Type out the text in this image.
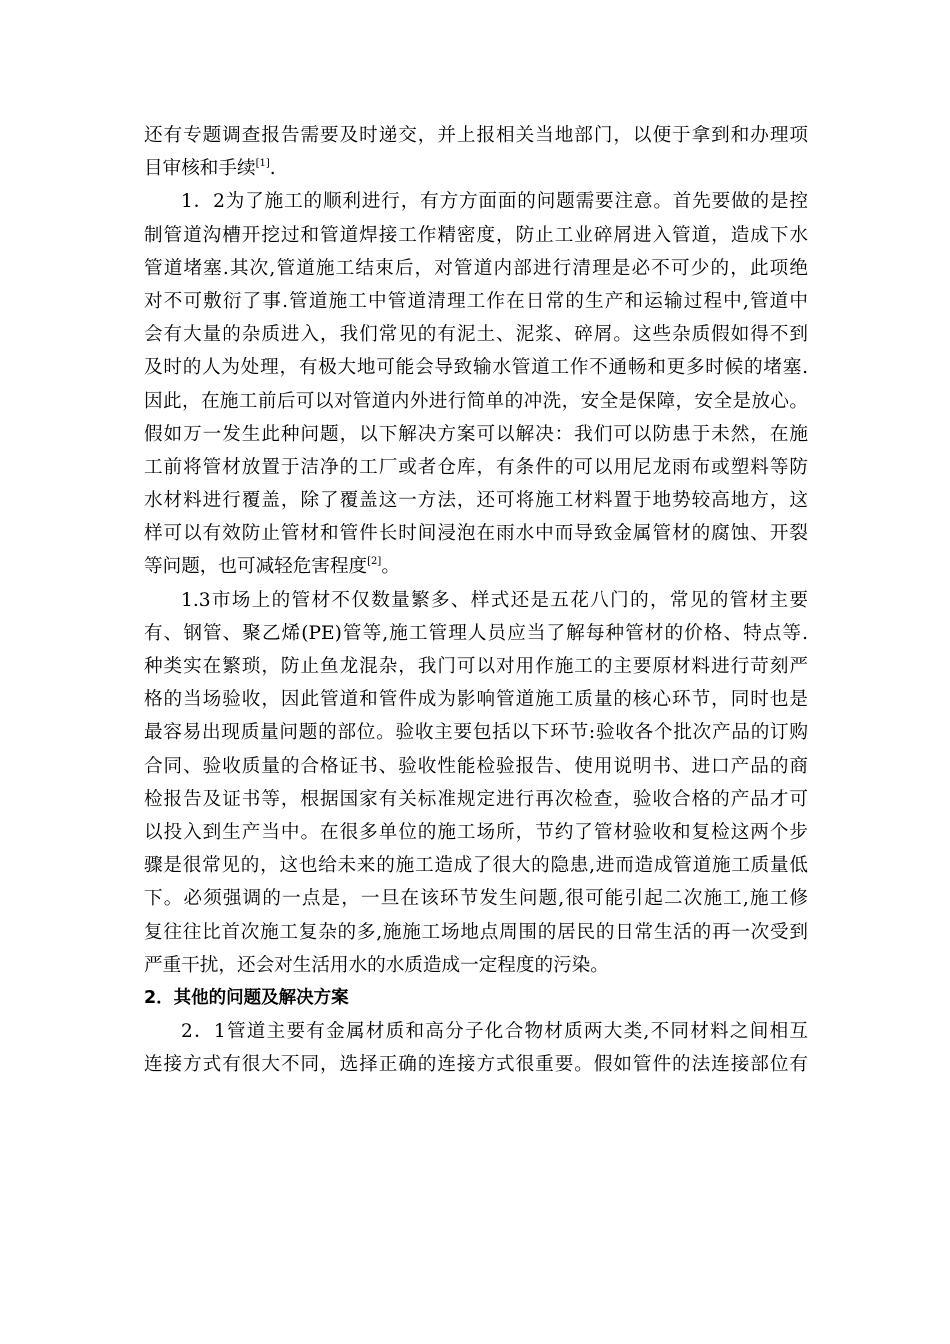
还有专题调查报告需要及时递交，并上报相关当地部门，以便于拿到和办理项
目审核和手续[1].
1．2为了施工的顺利进行，有方方面面的问题需要注意。首先要做的是控
制管道沟槽开挖过和管道焊接工作精密度，防止工业碎屑进入管道，造成下水
管道堵塞.其次,管道施工结束后，对管道内部进行清理是必不可少的，此项绝
对不可敷衍了事.管道施工中管道清理工作在日常的生产和运输过程中,管道中
会有大量的杂质进入，我们常见的有泥土、泥浆、碎屑。这些杂质假如得不到
及时的人为处理，有极大地可能会导致输水管道工作不通畅和更多时候的堵塞.
因此，在施工前后可以对管道内外进行简单的冲洗，安全是保障，安全是放心。
假如万一发生此种问题，以下解决方案可以解决：我们可以防患于未然，在施
工前将管材放置于洁净的工厂或者仓库，有条件的可以用尼龙雨布或塑料等防
水材料进行覆盖，除了覆盖这一方法，还可将施工材料置于地势较高地方，这
样可以有效防止管材和管件长时间浸泡在雨水中而导致金属管材的腐蚀、开裂
等问题，也可减轻危害程度[2]。
1.3市场上的管材不仅数量繁多、样式还是五花八门的，常见的管材主要
有、钢管、聚乙烯(PE)管等,施工管理人员应当了解每种管材的价格、特点等.
种类实在繁琐，防止鱼龙混杂，我门可以对用作施工的主要原材料进行苛刻严
格的当场验收，因此管道和管件成为影响管道施工质量的核心环节，同时也是
最容易出现质量问题的部位。验收主要包括以下环节:验收各个批次产品的订购
合同、验收质量的合格证书、验收性能检验报告、使用说明书、进口产品的商
检报告及证书等，根据国家有关标准规定进行再次检查，验收合格的产品才可
以投入到生产当中。在很多单位的施工场所，节约了管材验收和复检这两个步
骤是很常见的，这也给未来的施工造成了很大的隐患,进而造成管道施工质量低
下。必须强调的一点是，一旦在该环节发生问题,很可能引起二次施工,施工修
复往往比首次施工复杂的多,施施工场地点周围的居民的日常生活的再一次受到
严重干扰，还会对生活用水的水质造成一定程度的污染。
2．其他的问题及解决方案
2．1管道主要有金属材质和高分子化合物材质两大类,不同材料之间相互
连接方式有很大不同，选择正确的连接方式很重要。假如管件的法连接部位有
